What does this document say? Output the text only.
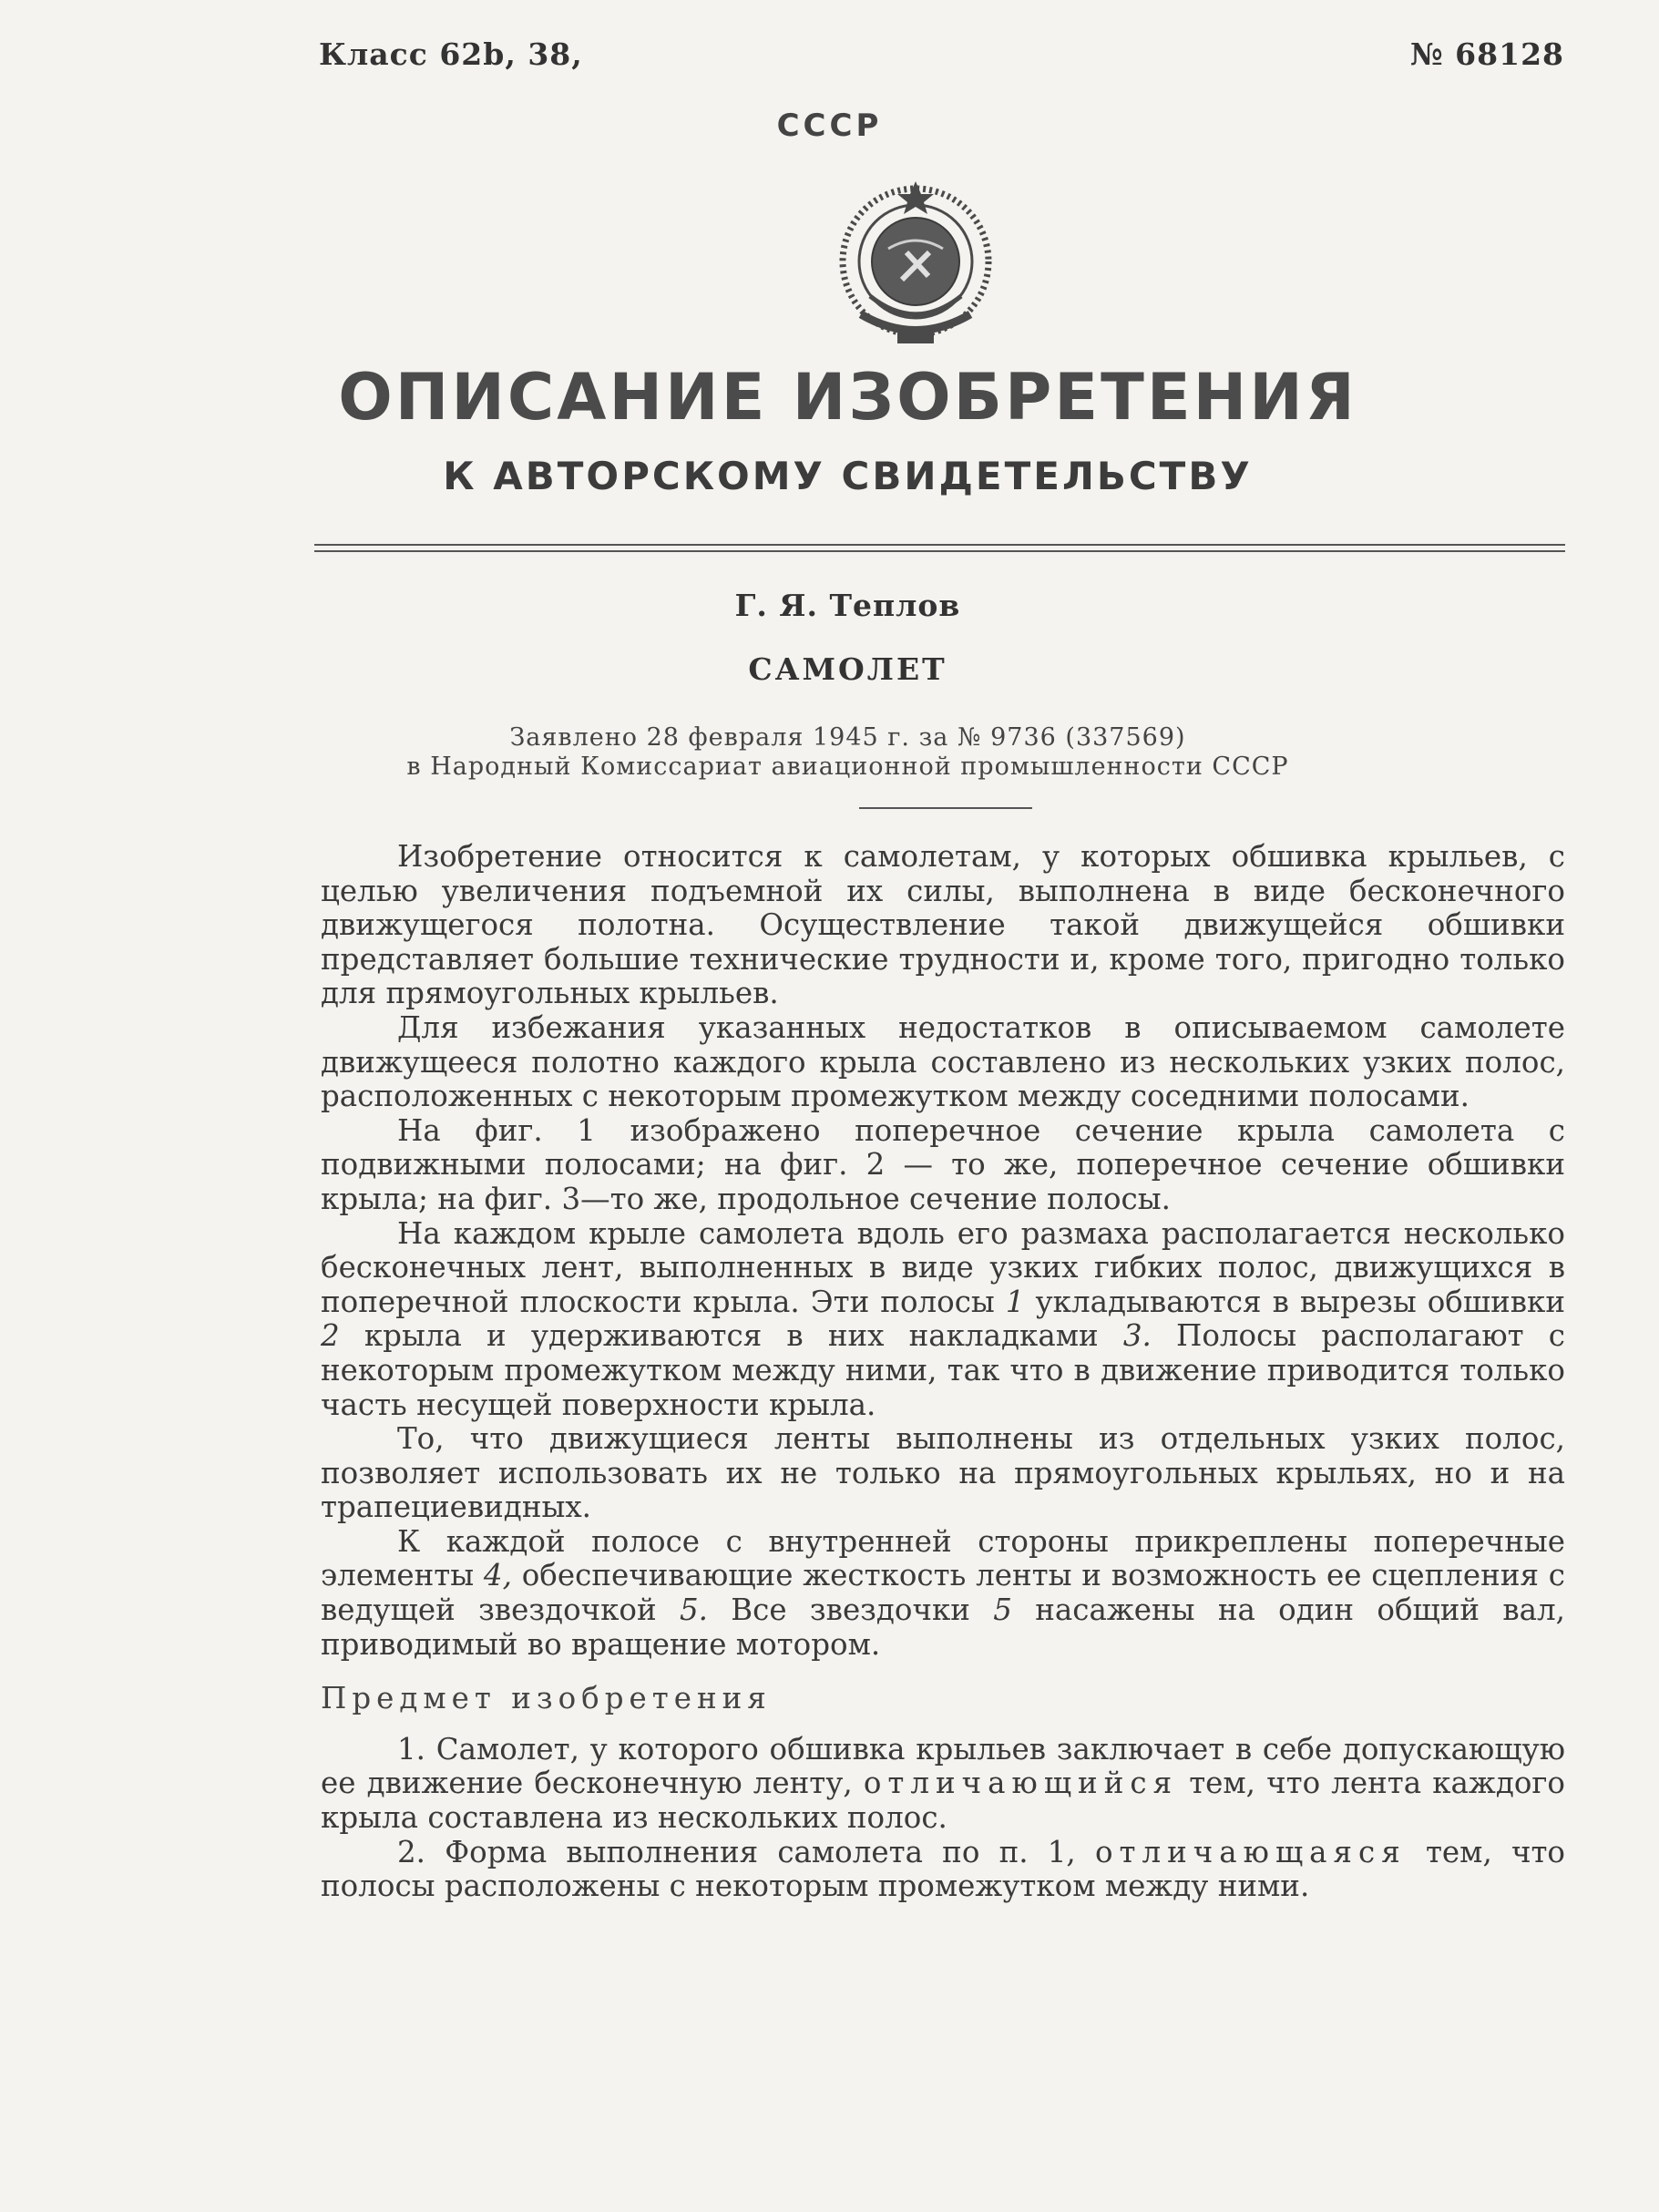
Класс 62b, 38,	№ 68128
СССР
ОПИСАНИЕ ИЗОБРЕТЕНИЯ
К АВТОРСКОМУ СВИДЕТЕЛЬСТВУ
Г. Я. Теплов
САМОЛЕТ
Заявлено 28 февраля 1945 г. за № 9736 (337569)
в Народный Комиссариат авиационной промышленности СССР

Изобретение относится к самолетам, у которых обшивка крыльев, с целью увеличения подъемной их силы, выполнена в виде бесконечного движущегося полотна. Осуществление такой движущейся обшивки представляет большие технические трудности и, кроме того, пригодно только для прямоугольных крыльев.

Для избежания указанных недостатков в описываемом самолете движущееся полотно каждого крыла составлено из нескольких узких полос, расположенных с некоторым промежутком между соседними полосами.

На фиг. 1 изображено поперечное сечение крыла самолета с подвижными полосами; на фиг. 2 — то же, поперечное сечение обшивки крыла; на фиг. 3—то же, продольное сечение полосы.

На каждом крыле самолета вдоль его размаха располагается несколько бесконечных лент, выполненных в виде узких гибких полос, движущихся в поперечной плоскости крыла. Эти полосы 1 укладываются в вырезы обшивки 2 крыла и удерживаются в них накладками 3. Полосы располагают с некоторым промежутком между ними, так что в движение приводится только часть несущей поверхности крыла.

То, что движущиеся ленты выполнены из отдельных узких полос, позволяет использовать их не только на прямоугольных крыльях, но и на трапециевидных.

К каждой полосе с внутренней стороны прикреплены поперечные элементы 4, обеспечивающие жесткость ленты и возможность ее сцепления с ведущей звездочкой 5. Все звездочки 5 насажены на один общий вал, приводимый во вращение мотором.

Предмет изобретения

1. Самолет, у которого обшивка крыльев заключает в себе допускающую ее движение бесконечную ленту, отличающийся тем, что лента каждого крыла составлена из нескольких полос.

2. Форма выполнения самолета по п. 1, отличающаяся тем, что полосы расположены с некоторым промежутком между ними.
